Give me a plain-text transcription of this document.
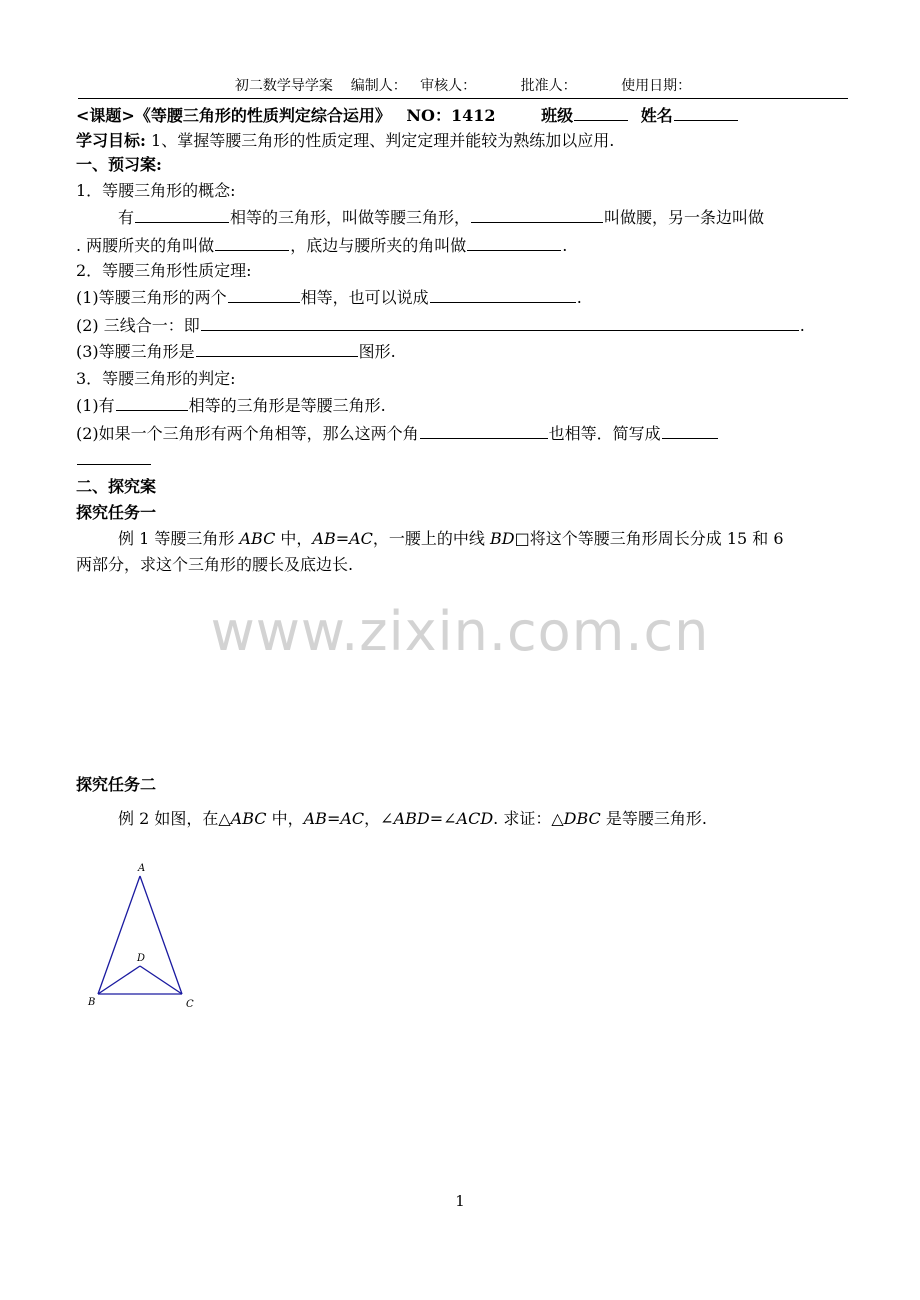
初二数学导学案    编制人：   审核人：          批准人：          使用日期：
<课题>《等腰三角形的性质判定综合运用》 NO：1412	班级	姓名
学习目标: 1、掌握等腰三角形的性质定理、判定定理并能较为熟练加以应用.
一、预习案:
1．等腰三角形的概念:
有	相等的三角形，叫做等腰三角形，	叫做腰，另一条边叫做
. 两腰所夹的角叫做	，底边与腰所夹的角叫做	.
2．等腰三角形性质定理:
(1)等腰三角形的两个	相等，也可以说成	.
(2) 三线合一：即	.
(3)等腰三角形是	图形.
3．等腰三角形的判定:
(1)有	相等的三角形是等腰三角形.
(2)如果一个三角形有两个角相等，那么这两个角	也相等．简写成
二、探究案
探究任务一
例 1 等腰三角形 ABC 中，AB=AC，一腰上的中线 BD□将这个等腰三角形周长分成 15 和 6
两部分，求这个三角形的腰长及底边长.
www.zixin.com.cn
探究任务二
例 2 如图，在△ABC 中，AB=AC，∠ABD=∠ACD. 求证：△DBC 是等腰三角形.
A
D
B	C
1
